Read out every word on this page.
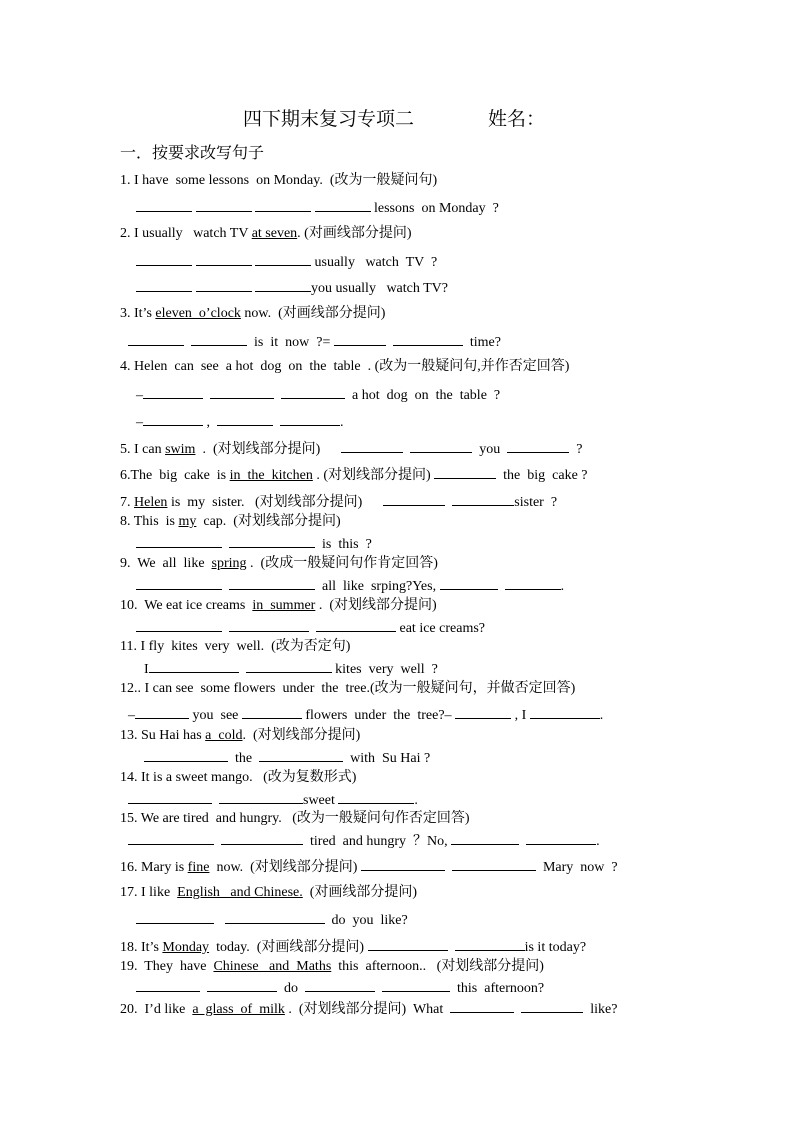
四下期末复习专项二	姓名：
一．按要求改写句子
1. I have  some lessons  on Monday.  (改为一般疑问句)
lessons  on Monday  ?
2. I usually   watch TV at seven. (对画线部分提问)
usually   watch  TV  ?
you usually   watch TV?
3. It’s eleven  o’clock now.  (对画线部分提问)
is  it  now  ?=	time?
4. Helen  can  see  a hot  dog  on  the  table  . (改为一般疑问句,并作否定回答)
–	a hot  dog  on  the  table  ?
–	,	.
5. I can swim  .  (对划线部分提问)	you	?
6.The  big  cake  is in  the  kitchen . (对划线部分提问)	the  big  cake ?
7. Helen is  my  sister.   (对划线部分提问)	sister  ?
8. This  is my  cap.  (对划线部分提问)
is  this  ?
9.  We  all  like  spring .  (改成一般疑问句作肯定回答)
all  like  srping?Yes,	.
10.  We eat ice creams  in  summer .  (对划线部分提问)
eat ice creams?
11. I fly  kites  very  well.  (改为否定句)
I	kites  very  well  ?
12.. I can see  some flowers  under  the  tree.(改为一般疑问句，并做否定回答)
–	you  see	flowers  under  the  tree?–	, I	.
13. Su Hai has a  cold.  (对划线部分提问)
the	with  Su Hai ?
14. It is a sweet mango.   (改为复数形式)
sweet	.
15. We are tired  and hungry.   (改为一般疑问句作否定回答)
tired  and hungry  ？No,	.
16. Mary is fine  now.  (对划线部分提问)	Mary  now  ?
17. I like  English   and Chinese.  (对画线部分提问)
do  you  like?
18. It’s Monday  today.  (对画线部分提问)	is it today?
19.  They  have  Chinese   and  Maths  this  afternoon..   (对划线部分提问)
do	this  afternoon?
20.  I’d like  a  glass  of  milk .  (对划线部分提问)  What	like?
